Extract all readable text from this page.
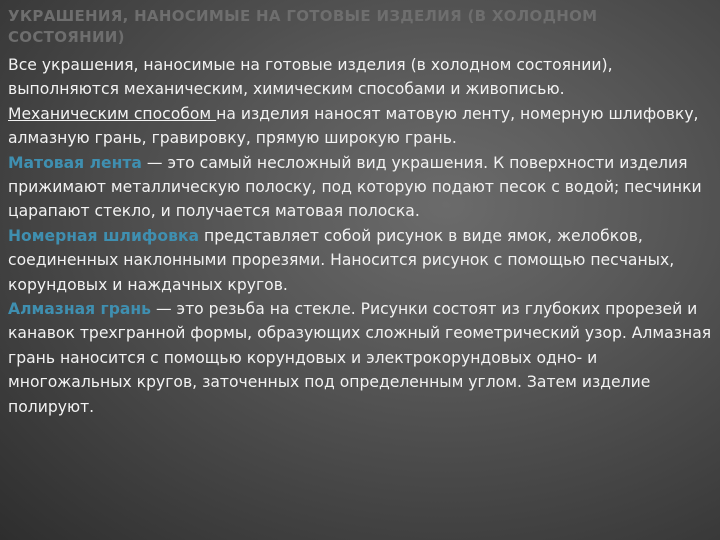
УКРАШЕНИЯ, НАНОСИМЫЕ НА ГОТОВЫЕ ИЗДЕЛИЯ (В ХОЛОДНОМ СОСТОЯНИИ)

Все украшения, наносимые на готовые изделия (в холодном состоянии), выполняются механическим, химическим способами и живописью.

Механическим способом на изделия наносят матовую ленту, номерную шлифовку, алмазную грань, гравировку, прямую широкую грань.

Матовая лента — это самый несложный вид украшения. К поверхности изделия прижимают металлическую полоску, под которую подают песок с водой; песчинки царапают стекло, и получается матовая полоска.

Номерная шлифовка представляет собой рисунок в виде ямок, желобков, соединенных наклонными прорезями. Наносится рисунок с помощью песчаных, корундовых и наждачных кругов.

Алмазная грань — это резьба на стекле. Рисунки состоят из глубоких прорезей и канавок трехгранной формы, образующих сложный геометрический узор. Алмазная грань наносится с помощью корундовых и электрокорундовых одно- и многожальных кругов, заточенных под определенным углом. Затем изделие полируют.
